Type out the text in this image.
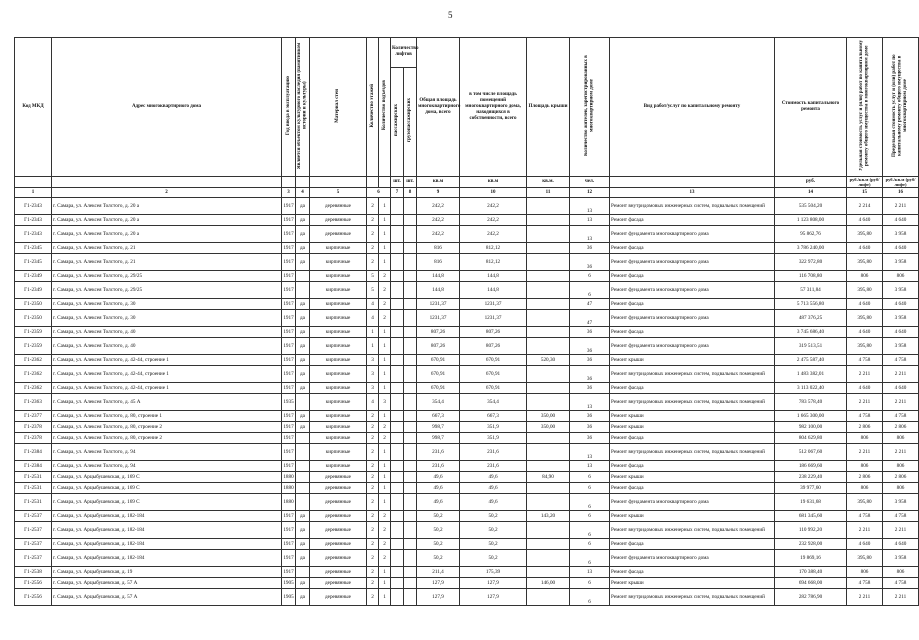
5
Код МКД	Адрес многоквартирного дома	Год ввода в эксплуатацию	Является объектом культурного наследия (памятником истории и культуры)	Материал стен	Количество этажей	Количество подъездов	Количество лифтов		Общая площадь многоквартирного дома, всего	в том числе площадь помещений многоквартирного дома, находящихся в собственности, всего	Площадь крыши	Количество жителей, зарегистрированных в многоквартирном доме	Вид работ/услуг по капитальному ремонту	Стоимость капитального ремонта	Удельная стоимость услуг и (или) работ по капитальному ремонту общего имущества в многоквартирном доме	Предельная стоимость услуг и (или) работ по капитальному ремонту общего имущества в многоквартирном доме
							пассажирских	грузопассажирских								
							шт.	шт.	кв.м	кв.м	кв.м.	чел.		руб.	руб./кв.м (руб/лифт)	руб./кв.м (руб/лифт)
1	2	3	4	5	6		7	8	9	10	11	12	13	14	15	16
Г1-2343	г. Самара, ул. Алексея Толстого, д. 20 а	1917	да	деревянные	2	1			242,2	242,2		13	Ремонт внутридомовых инженерных систем, подвальных помещений	535 504,20	2 214	2 211
Г1-2343	г. Самара, ул. Алексея Толстого, д. 20 а	1917	да	деревянные	2	1			242,2	242,2		13	Ремонт фасада	1 123 808,00	4 640	4 640
Г1-2343	г. Самара, ул. Алексея Толстого, д. 20 а	1917	да	деревянные	2	1			242,2	242,2		13	Ремонт фундамента многоквартирного дома	95 862,76	395,80	3 958
Г1-2345	г. Самара, ул. Алексея Толстого, д. 21	1917	да	кирпичные	2	1			816	812,12		36	Ремонт фасада	3 786 240,00	4 640	4 640
Г1-2345	г. Самара, ул. Алексея Толстого, д. 21	1917	да	кирпичные	2	1			816	812,12		36	Ремонт фундамента многоквартирного дома	322 972,80	395,80	3 958
Г1-2349	г. Самара, ул. Алексея Толстого, д. 29/25	1917		кирпичные	5	2			144,8	144,8		6	Ремонт фасада	116 708,80	806	806
Г1-2349	г. Самара, ул. Алексея Толстого, д. 29/25	1917		кирпичные	5	2			144,8	144,8		6	Ремонт фундамента многоквартирного дома	57 311,84	395,80	3 958
Г1-2350	г. Самара, ул. Алексея Толстого, д. 30	1917	да	кирпичные	4	2			1231,37	1231,37		47	Ремонт фасада	5 713 556,80	4 640	4 640
Г1-2350	г. Самара, ул. Алексея Толстого, д. 30	1917	да	кирпичные	4	2			1231,37	1231,37		47	Ремонт фундамента многоквартирного дома	487 376,25	395,80	3 958
Г1-2359	г. Самара, ул. Алексея Толстого, д. 40	1917	да	кирпичные	1	1			807,26	807,26		36	Ремонт фасада	3 745 686,40	4 640	4 640
Г1-2359	г. Самара, ул. Алексея Толстого, д. 40	1917	да	кирпичные	1	1			807,26	807,26		36	Ремонт фундамента многоквартирного дома	319 513,51	395,80	3 958
Г1-2362	г. Самара, ул. Алексея Толстого, д. 42-44, строение 1	1917	да	кирпичные	3	1			670,91	670,91	520,30	36	Ремонт крыши	2 475 587,40	4 758	4 758
Г1-2362	г. Самара, ул. Алексея Толстого, д. 42-44, строение 1	1917	да	кирпичные	3	1			670,91	670,91		36	Ремонт внутридомовых инженерных систем, подвальных помещений	1 483 382,01	2 211	2 211
Г1-2362	г. Самара, ул. Алексея Толстого, д. 42-44, строение 1	1917	да	кирпичные	3	1			670,91	670,91		36	Ремонт фасада	3 113 022,40	4 640	4 640
Г1-2363	г. Самара, ул. Алексея Толстого, д. 45 А	1935		кирпичные	4	3			354,4	354,4		13	Ремонт внутридомовых инженерных систем, подвальных помещений	783 578,40	2 211	2 211
Г1-2377	г. Самара, ул. Алексея Толстого, д. 80, строение 1	1917	да	кирпичные	2	1			667,3	667,3	350,00	36	Ремонт крыши	1 665 300,00	4 758	4 758
Г1-2378	г. Самара, ул. Алексея Толстого, д. 80, строение 2	1917	да	кирпичные	2	2			998,7	351,9	350,00	36	Ремонт крыши	982 100,00	2 806	2 806
Г1-2378	г. Самара, ул. Алексея Толстого, д. 80, строение 2	1917		кирпичные	2	2			998,7	351,9		36	Ремонт фасада	804 629,80	806	806
Г1-2384	г. Самара, ул. Алексея Толстого, д. 94	1917		кирпичные	2	1			231,6	231,6		13	Ремонт внутридомовых инженерных систем, подвальных помещений	512 067,60	2 211	2 211
Г1-2384	г. Самара, ул. Алексея Толстого, д. 94	1917		кирпичные	2	1			231,6	231,6		13	Ремонт фасада	186 669,60	806	806
Г1-2531	г. Самара, ул. Арцыбушевская, д. 169 С	1880		деревянные	2	1			49,6	49,6	84,90	6	Ремонт крыши	238 229,40	2 806	2 806
Г1-2531	г. Самара, ул. Арцыбушевская, д. 169 С	1880		деревянные	2	1			49,6	49,6		6	Ремонт фасада	39 977,60	806	806
Г1-2531	г. Самара, ул. Арцыбушевская, д. 169 С	1880		деревянные	2	1			49,6	49,6		6	Ремонт фундамента многоквартирного дома	19 631,68	395,80	3 958
Г1-2537	г. Самара, ул. Арцыбушевская, д. 182-184	1917	да	деревянные	2	2			50,2	50,2	143,20	6	Ремонт крыши	681 345,60	4 758	4 758
Г1-2537	г. Самара, ул. Арцыбушевская, д. 182-184	1917	да	деревянные	2	2			50,2	50,2		6	Ремонт внутридомовых инженерных систем, подвальных помещений	110 992,20	2 211	2 211
Г1-2537	г. Самара, ул. Арцыбушевская, д. 182-184	1917	да	деревянные	2	2			50,2	50,2		6	Ремонт фасада	232 928,00	4 640	4 640
Г1-2537	г. Самара, ул. Арцыбушевская, д. 182-184	1917	да	деревянные	2	2			50,2	50,2		6	Ремонт фундамента многоквартирного дома	19 869,16	395,80	3 958
Г1-2538	г. Самара, ул. Арцыбушевская, д. 19	1917		деревянные	2	1			211,4	175,39		13	Ремонт фасада	170 388,40	806	806
Г1-2556	г. Самара, ул. Арцыбушевская, д. 57 А	1905	да	деревянные	2	1			127,9	127,9	146,00	6	Ремонт крыши	694 668,00	4 758	4 758
Г1-2556	г. Самара, ул. Арцыбушевская, д. 57 А	1905	да	деревянные	2	1			127,9	127,9		6	Ремонт внутридомовых инженерных систем, подвальных помещений	282 786,90	2 211	2 211
